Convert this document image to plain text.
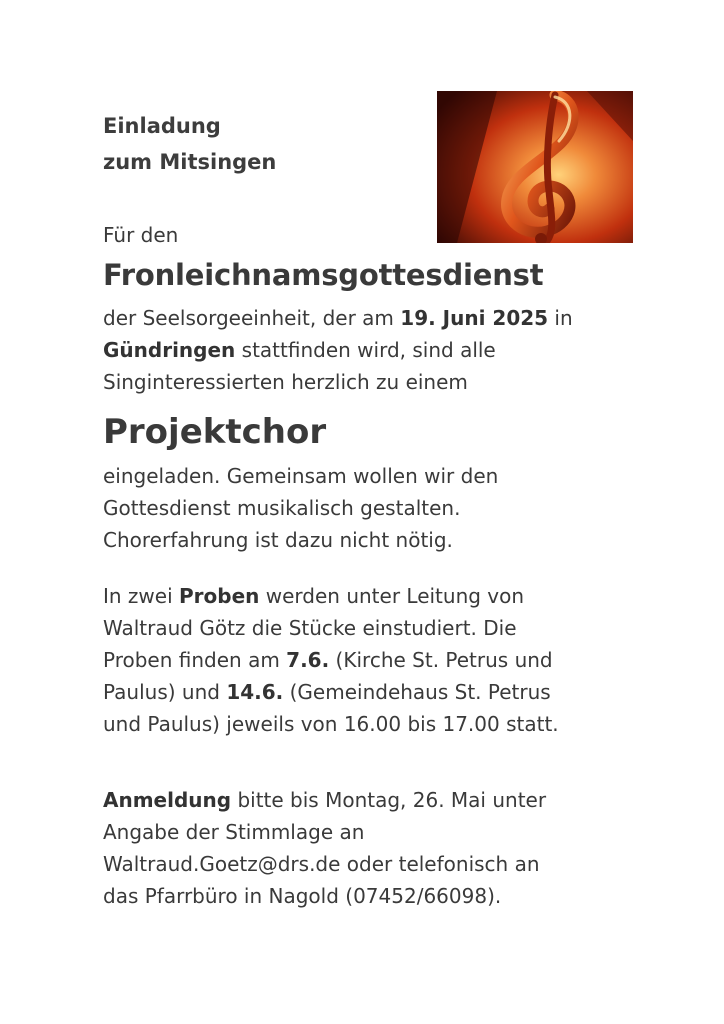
Einladung
zum Mitsingen

Für den

Fronleichnamsgottesdienst
der Seelsorgeeinheit, der am 19. Juni 2025 in
Gündringen stattfinden wird, sind alle
Singinteressierten herzlich zu einem
Projektchor
eingeladen. Gemeinsam wollen wir den
Gottesdienst musikalisch gestalten.
Chorerfahrung ist dazu nicht nötig.
In zwei Proben werden unter Leitung von
Waltraud Götz die Stücke einstudiert. Die
Proben finden am 7.6. (Kirche St. Petrus und
Paulus) und 14.6. (Gemeindehaus St. Petrus
und Paulus) jeweils von 16.00 bis 17.00 statt.
Anmeldung bitte bis Montag, 26. Mai unter
Angabe der Stimmlage an
Waltraud.Goetz@drs.de oder telefonisch an
das Pfarrbüro in Nagold (07452/66098).
